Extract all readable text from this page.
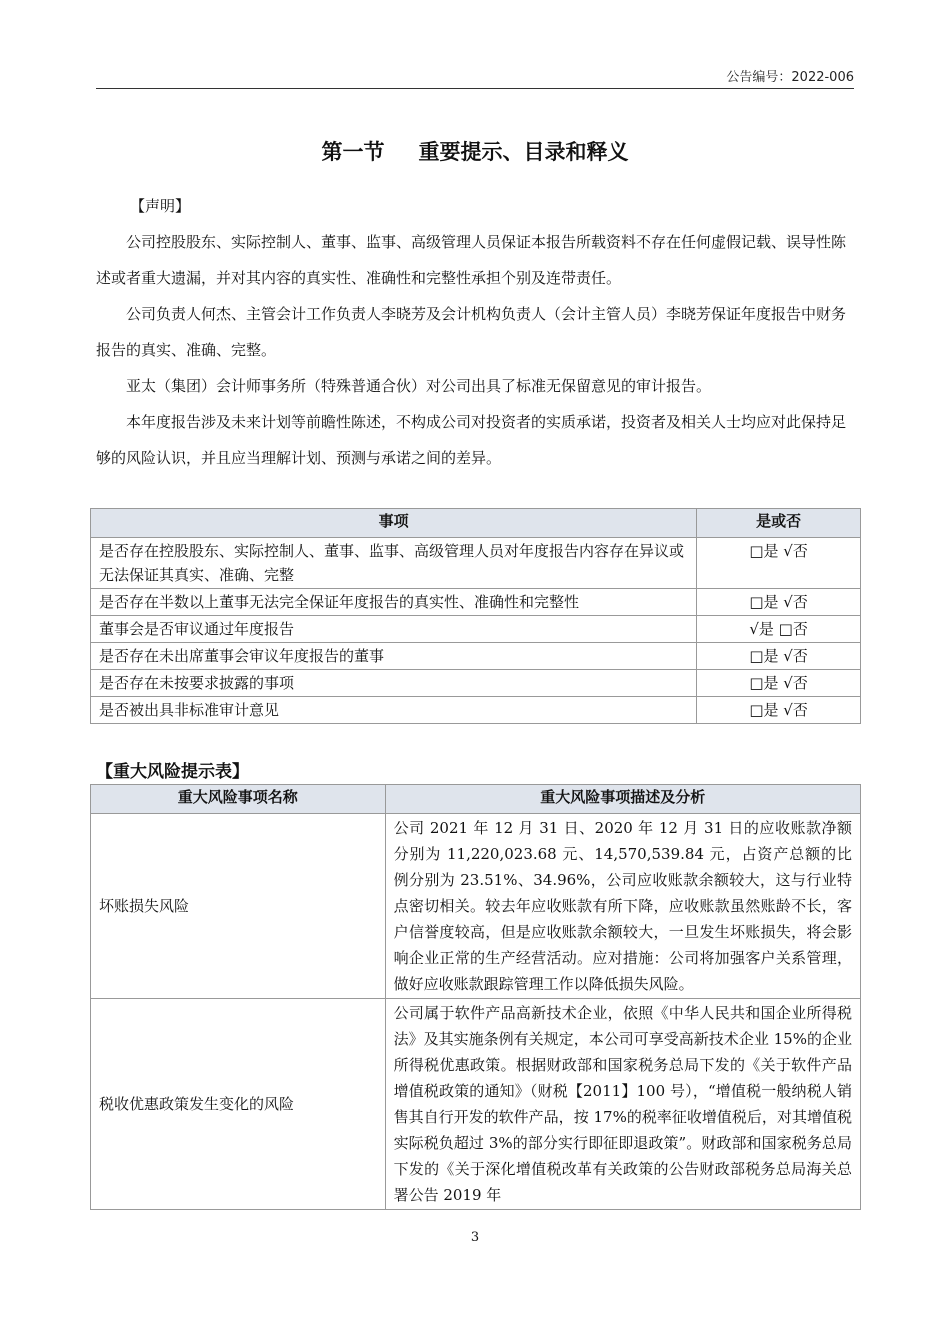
公告编号：2022-006
第一节 重要提示、目录和释义
【声明】
公司控股股东、实际控制人、董事、监事、高级管理人员保证本报告所载资料不存在任何虚假记载、误导性陈述或者重大遗漏，并对其内容的真实性、准确性和完整性承担个别及连带责任。
公司负责人何杰、主管会计工作负责人李晓芳及会计机构负责人（会计主管人员）李晓芳保证年度报告中财务报告的真实、准确、完整。
亚太（集团）会计师事务所（特殊普通合伙）对公司出具了标准无保留意见的审计报告。
本年度报告涉及未来计划等前瞻性陈述，不构成公司对投资者的实质承诺，投资者及相关人士均应对此保持足够的风险认识，并且应当理解计划、预测与承诺之间的差异。
事项	是或否
是否存在控股股东、实际控制人、董事、监事、高级管理人员对年度报告内容存在异议或无法保证其真实、准确、完整	□是 √否
是否存在半数以上董事无法完全保证年度报告的真实性、准确性和完整性	□是 √否
董事会是否审议通过年度报告	√是 □否
是否存在未出席董事会审议年度报告的董事	□是 √否
是否存在未按要求披露的事项	□是 √否
是否被出具非标准审计意见	□是 √否
【重大风险提示表】
重大风险事项名称	重大风险事项描述及分析
坏账损失风险	公司 2021 年 12 月 31 日、2020 年 12 月 31 日的应收账款净额分别为 11,220,023.68 元、14,570,539.84 元，占资产总额的比例分别为 23.51%、34.96%，公司应收账款余额较大，这与行业特点密切相关。较去年应收账款有所下降，应收账款虽然账龄不长，客户信誉度较高，但是应收账款余额较大，一旦发生坏账损失，将会影响企业正常的生产经营活动。应对措施：公司将加强客户关系管理，做好应收账款跟踪管理工作以降低损失风险。
税收优惠政策发生变化的风险	公司属于软件产品高新技术企业，依照《中华人民共和国企业所得税法》及其实施条例有关规定，本公司可享受高新技术企业 15%的企业所得税优惠政策。根据财政部和国家税务总局下发的《关于软件产品增值税政策的通知》（财税【2011】100 号），“增值税一般纳税人销售其自行开发的软件产品，按 17%的税率征收增值税后，对其增值税实际税负超过 3%的部分实行即征即退政策”。财政部和国家税务总局下发的《关于深化增值税改革有关政策的公告财政部税务总局海关总署公告 2019 年
3
